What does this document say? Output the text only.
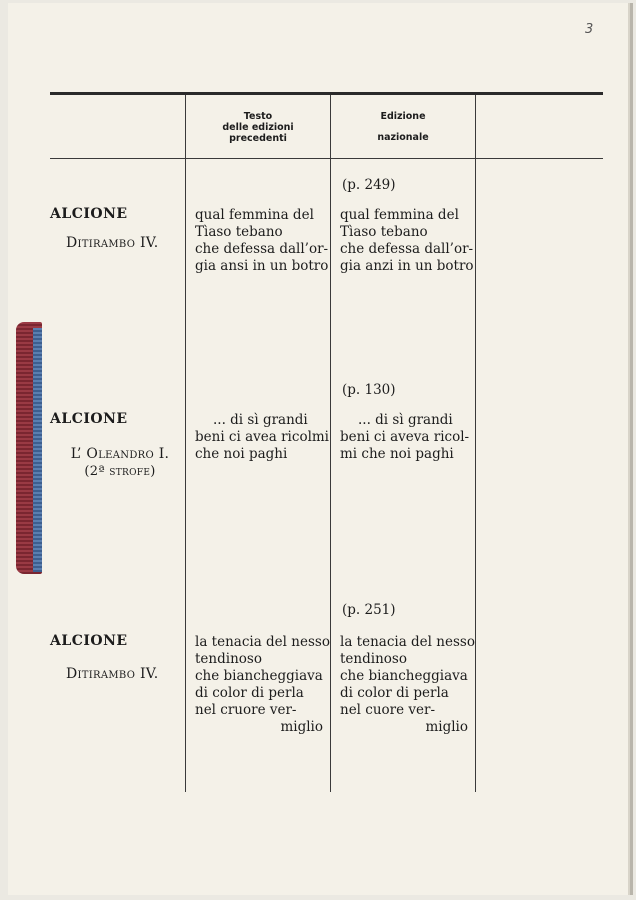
3
Testo
delle edizioni
precedenti
Edizione
nazionale
ALCIONE
Ditirambo IV.
(p. 249)
qual femmina del
Tìaso tebano
che defessa dall’or-
gia ansi in un botro
qual femmina del
Tìaso tebano
che defessa dall’or-
gia anzi in un botro
ALCIONE
L’ Oleandro I.
(2ª strofe)
(p. 130)
... di sì grandi
beni ci avea ricolmi
che noi paghi
... di sì grandi
beni ci aveva ricol-
mi che noi paghi
ALCIONE
Ditirambo IV.
(p. 251)
la tenacia del nesso
tendinoso
che biancheggiava
di color di perla
nel cruore ver-
miglio
la tenacia del nesso
tendinoso
che biancheggiava
di color di perla
nel cuore ver-
miglio
